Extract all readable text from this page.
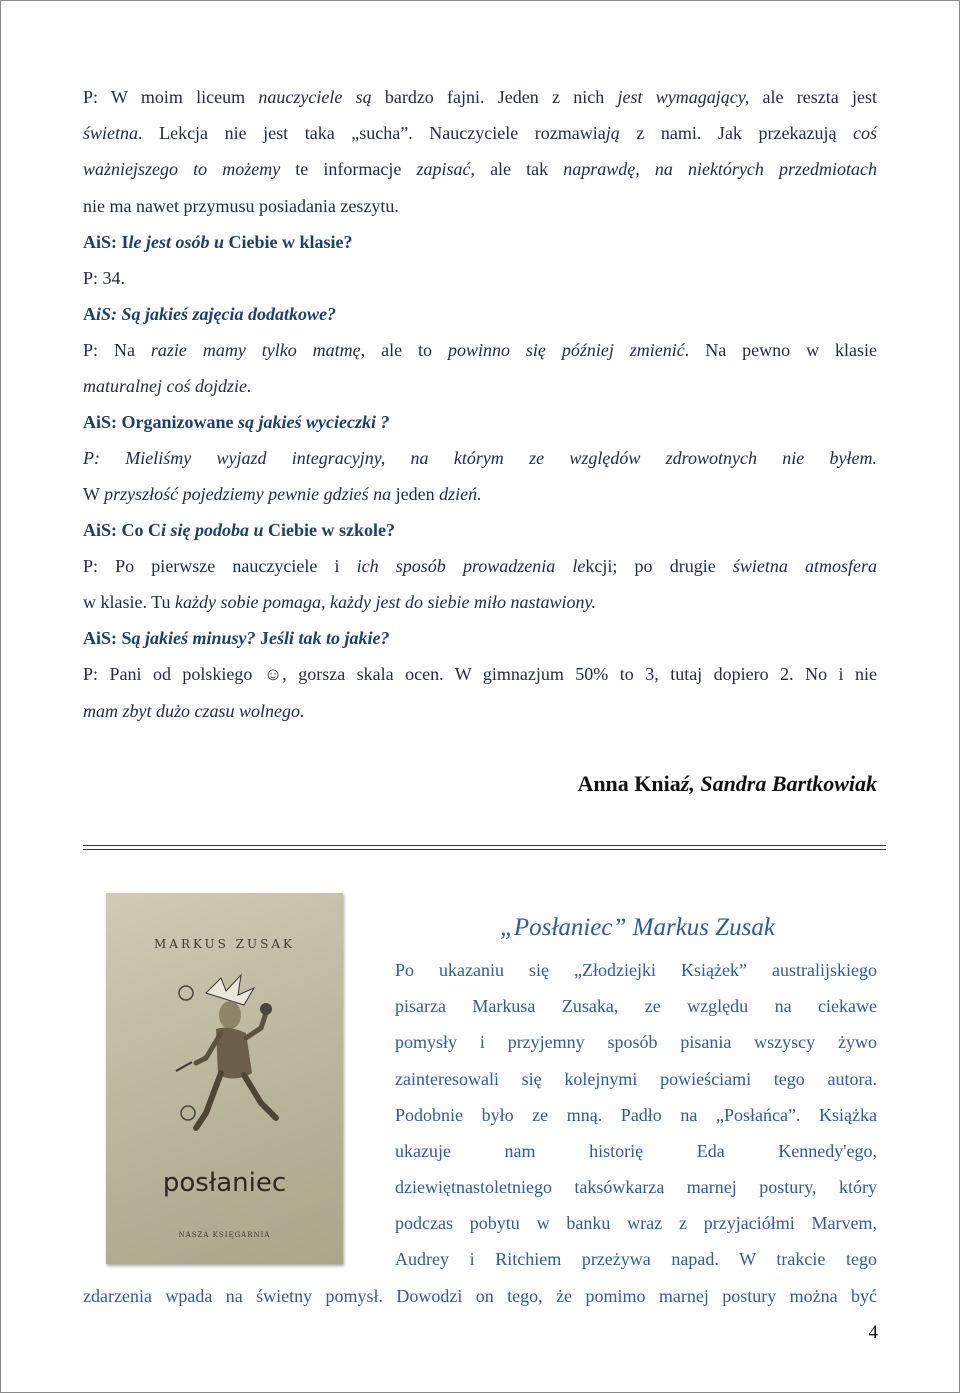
P: W moim liceum nauczyciele są bardzo fajni. Jeden z nich jest wymagający, ale reszta jest
świetna. Lekcja nie jest taka „sucha”. Nauczyciele rozmawiają z nami. Jak przekazują coś
ważniejszego to możemy te informacje zapisać, ale tak naprawdę, na niektórych przedmiotach
nie ma nawet przymusu posiadania zeszytu.
AiS: Ile jest osób u Ciebie w klasie?
P: 34.
AiS: Są jakieś zajęcia dodatkowe?
P: Na razie mamy tylko matmę, ale to powinno się później zmienić. Na pewno w klasie
maturalnej coś dojdzie.
AiS: Organizowane są jakieś wycieczki ?
P: Mieliśmy wyjazd integracyjny, na którym ze względów zdrowotnych nie byłem.
W przyszłość pojedziemy pewnie gdzieś na jeden dzień.
AiS: Co Ci się podoba u Ciebie w szkole?
P: Po pierwsze nauczyciele i ich sposób prowadzenia lekcji; po drugie świetna atmosfera
w klasie. Tu każdy sobie pomaga, każdy jest do siebie miło nastawiony.
AiS: Są jakieś minusy? Jeśli tak to jakie?
P: Pani od polskiego ☺, gorsza skala ocen. W gimnazjum 50% to 3, tutaj dopiero 2. No i nie
mam zbyt dużo czasu wolnego.
Anna Kniaź, Sandra Bartkowiak
MARKUS ZUSAK
posłaniec
NASZA KSIĘGARNIA
„Posłaniec” Markus Zusak
Po ukazaniu się „Złodziejki Książek” australijskiego
pisarza Markusa Zusaka, ze względu na ciekawe
pomysły i przyjemny sposób pisania wszyscy żywo
zainteresowali się kolejnymi powieściami tego autora.
Podobnie było ze mną. Padło na „Posłańca”. Książka
ukazuje nam historię Eda Kennedy'ego,
dziewiętnastoletniego taksówkarza marnej postury, który
podczas pobytu w banku wraz z przyjaciółmi Marvem,
Audrey i Ritchiem przeżywa napad. W trakcie tego
zdarzenia wpada na świetny pomysł. Dowodzi on tego, że pomimo marnej postury można być
4
